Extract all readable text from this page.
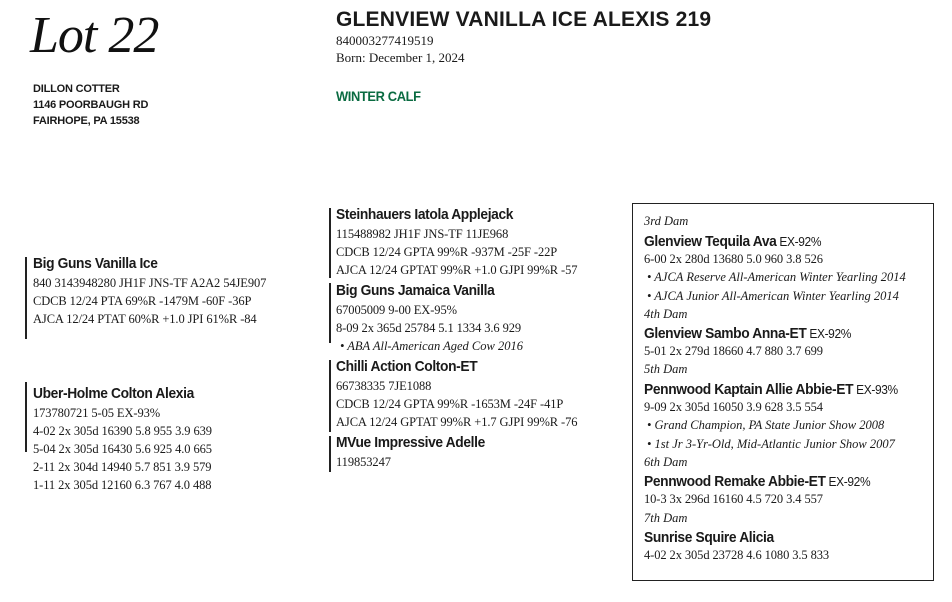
Lot 22
DILLON COTTER
1146 POORBAUGH RD
FAIRHOPE, PA 15538
GLENVIEW VANILLA ICE ALEXIS 219
840003277419519
Born: December 1, 2024
WINTER CALF
Big Guns Vanilla Ice
840 3143948280 JH1F JNS-TF A2A2 54JE907
CDCB 12/24 PTA 69%R -1479M -60F -36P
AJCA 12/24 PTAT 60%R +1.0 JPI 61%R -84
Uber-Holme Colton Alexia
173780721 5-05 EX-93%
4-02 2x 305d 16390 5.8 955 3.9 639
5-04 2x 305d 16430 5.6 925 4.0 665
2-11 2x 304d 14940 5.7 851 3.9 579
1-11 2x 305d 12160 6.3 767 4.0 488
Steinhauers Iatola Applejack
115488982 JH1F JNS-TF 11JE968
CDCB 12/24 GPTA 99%R -937M -25F -22P
AJCA 12/24 GPTAT 99%R +1.0 GJPI 99%R -57
Big Guns Jamaica Vanilla
67005009 9-00 EX-95%
8-09 2x 365d 25784 5.1 1334 3.6 929
• ABA All-American Aged Cow 2016
Chilli Action Colton-ET
66738335 7JE1088
CDCB 12/24 GPTA 99%R -1653M -24F -41P
AJCA 12/24 GPTAT 99%R +1.7 GJPI 99%R -76
MVue Impressive Adelle
119853247
3rd Dam
Glenview Tequila Ava EX-92%
6-00 2x 280d 13680 5.0 960 3.8 526
• AJCA Reserve All-American Winter Yearling 2014
• AJCA Junior All-American Winter Yearling 2014
4th Dam
Glenview Sambo Anna-ET EX-92%
5-01 2x 279d 18660 4.7 880 3.7 699
5th Dam
Pennwood Kaptain Allie Abbie-ET EX-93%
9-09 2x 305d 16050 3.9 628 3.5 554
• Grand Champion, PA State Junior Show 2008
• 1st Jr 3-Yr-Old, Mid-Atlantic Junior Show 2007
6th Dam
Pennwood Remake Abbie-ET EX-92%
10-3 3x 296d 16160 4.5 720 3.4 557
7th Dam
Sunrise Squire Alicia
4-02 2x 305d 23728 4.6 1080 3.5 833
